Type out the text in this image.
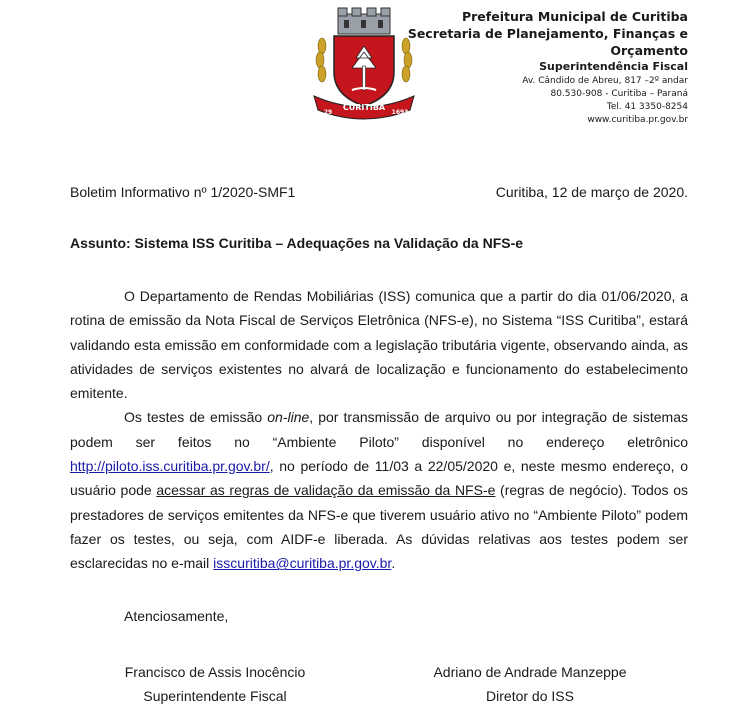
CURITIBA
29	1693
Prefeitura Municipal de Curitiba
Secretaria de Planejamento, Finanças e Orçamento
Superintendência Fiscal
Av. Cândido de Abreu, 817 –2º andar
80.530-908 - Curitiba – Paraná
Tel. 41 3350-8254
www.curitiba.pr.gov.br
Boletim Informativo nº 1/2020-SMF1	Curitiba, 12 de março de 2020.
Assunto: Sistema ISS Curitiba – Adequações na Validação da NFS-e

O Departamento de Rendas Mobiliárias (ISS) comunica que a partir do dia 01/06/2020, a rotina de emissão da Nota Fiscal de Serviços Eletrônica (NFS-e), no Sistema “ISS Curitiba”, estará validando esta emissão em conformidade com a legislação tributária vigente, observando ainda, as atividades de serviços existentes no alvará de localização e funcionamento do estabelecimento emitente.

Os testes de emissão on-line, por transmissão de arquivo ou por integração de sistemas podem ser feitos no “Ambiente Piloto” disponível no endereço eletrônico http://piloto.iss.curitiba.pr.gov.br/, no período de 11/03 a 22/05/2020 e, neste mesmo endereço, o usuário pode acessar as regras de validação da emissão da NFS-e (regras de negócio). Todos os prestadores de serviços emitentes da NFS-e que tiverem usuário ativo no “Ambiente Piloto” podem fazer os testes, ou seja, com AIDF-e liberada. As dúvidas relativas aos testes podem ser esclarecidas no e-mail isscuritiba@curitiba.pr.gov.br.

Atenciosamente,
Francisco de Assis Inocêncio
Superintendente Fiscal
Adriano de Andrade Manzeppe
Diretor do ISS
